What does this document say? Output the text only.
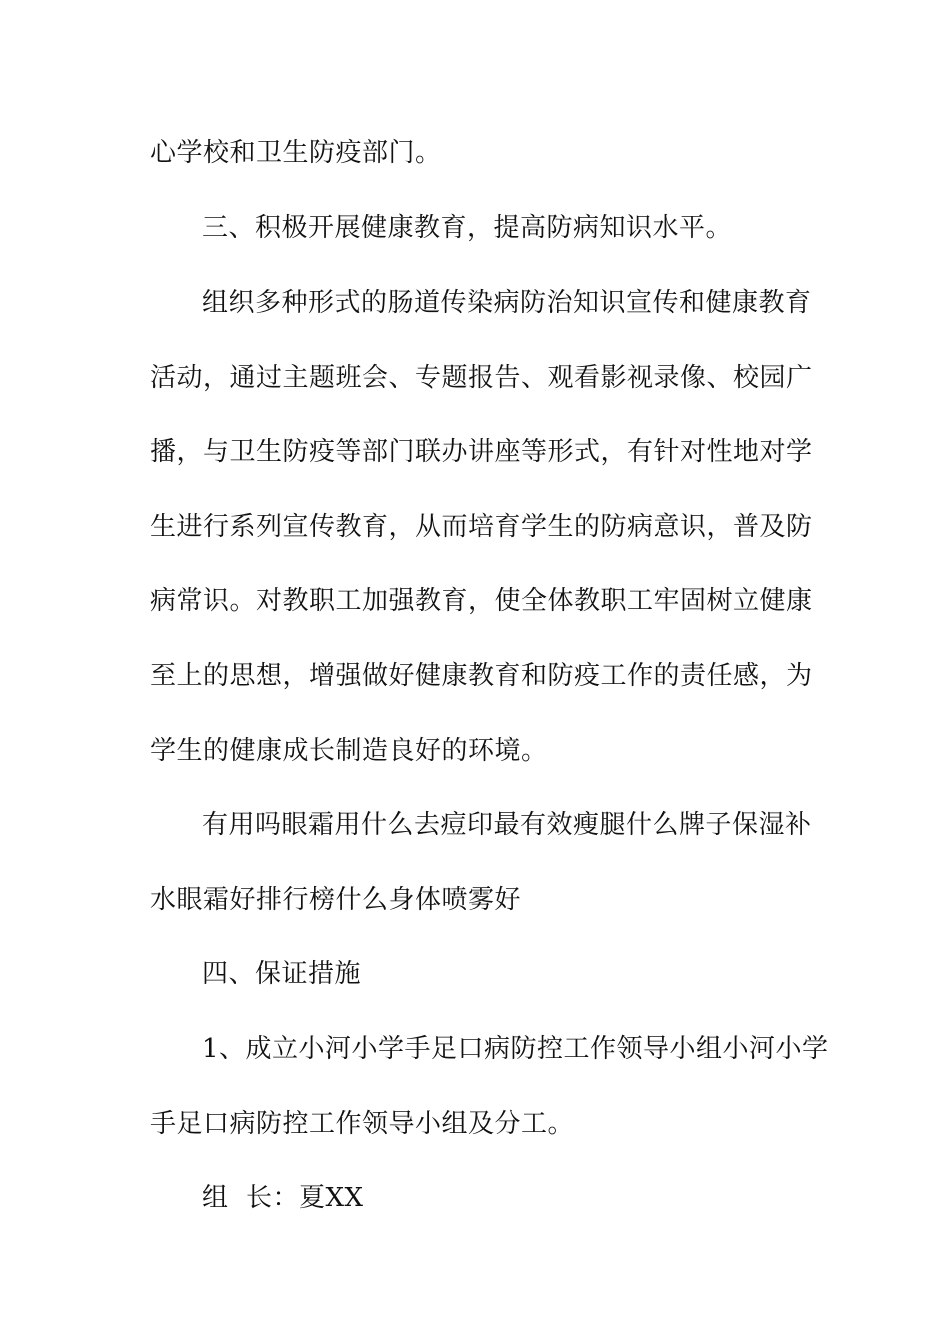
心学校和卫生防疫部门。
三、积极开展健康教育，提高防病知识水平。
组织多种形式的肠道传染病防治知识宣传和健康教育
活动，通过主题班会、专题报告、观看影视录像、校园广
播，与卫生防疫等部门联办讲座等形式，有针对性地对学
生进行系列宣传教育，从而培育学生的防病意识，普及防
病常识。对教职工加强教育，使全体教职工牢固树立健康
至上的思想，增强做好健康教育和防疫工作的责任感，为
学生的健康成长制造良好的环境。
有用吗眼霜用什么去痘印最有效瘦腿什么牌子保湿补
水眼霜好排行榜什么身体喷雾好
四、保证措施
1、成立小河小学手足口病防控工作领导小组小河小学
手足口病防控工作领导小组及分工。
组  长：夏XX
